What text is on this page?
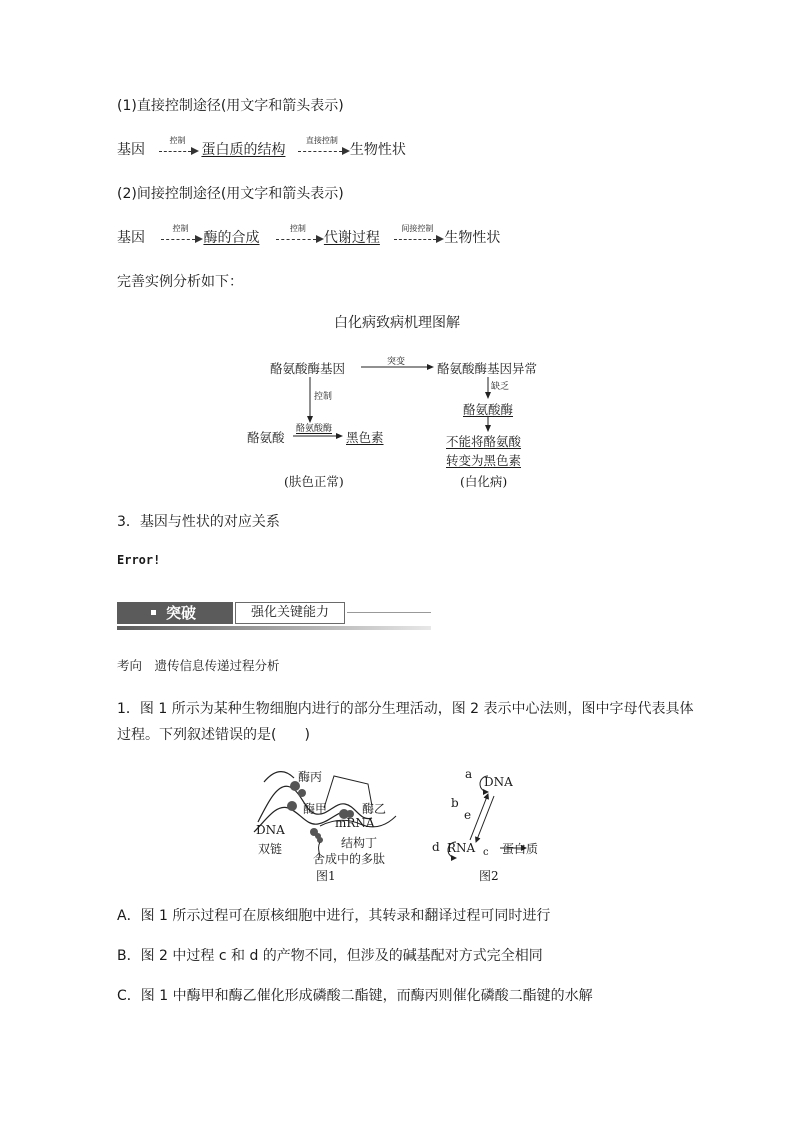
(1)直接控制途径(用文字和箭头表示)
基因
控制
蛋白质的结构
直接控制
生物性状
(2)间接控制途径(用文字和箭头表示)
基因
控制
酶的合成
控制
代谢过程
间接控制
生物性状
完善实例分析如下：
白化病致病机理图解
酪氨酸酶基因	突变	酪氨酸酶基因异常
控制
缺乏
酪氨酸酶
酪氨酸
酪氨酸酶
黑色素	不能将酪氨酸
转变为黑色素
(肤色正常)	(白化病)
3．基因与性状的对应关系
Error!
突破	强化关键能力
考向　遗传信息传递过程分析
1．图 1 所示为某种生物细胞内进行的部分生理活动，图 2 表示中心法则，图中字母代表具体
过程。下列叙述错误的是(　　)
酶丙
酶甲	酶乙
mRNA
结构丁
DNA
双链
合成中的多肽
图1
a
DNA
b
e
d RNA c 蛋白质
图2
A．图 1 所示过程可在原核细胞中进行，其转录和翻译过程可同时进行
B．图 2 中过程 c 和 d 的产物不同，但涉及的碱基配对方式完全相同
C．图 1 中酶甲和酶乙催化形成磷酸二酯键，而酶丙则催化磷酸二酯键的水解
